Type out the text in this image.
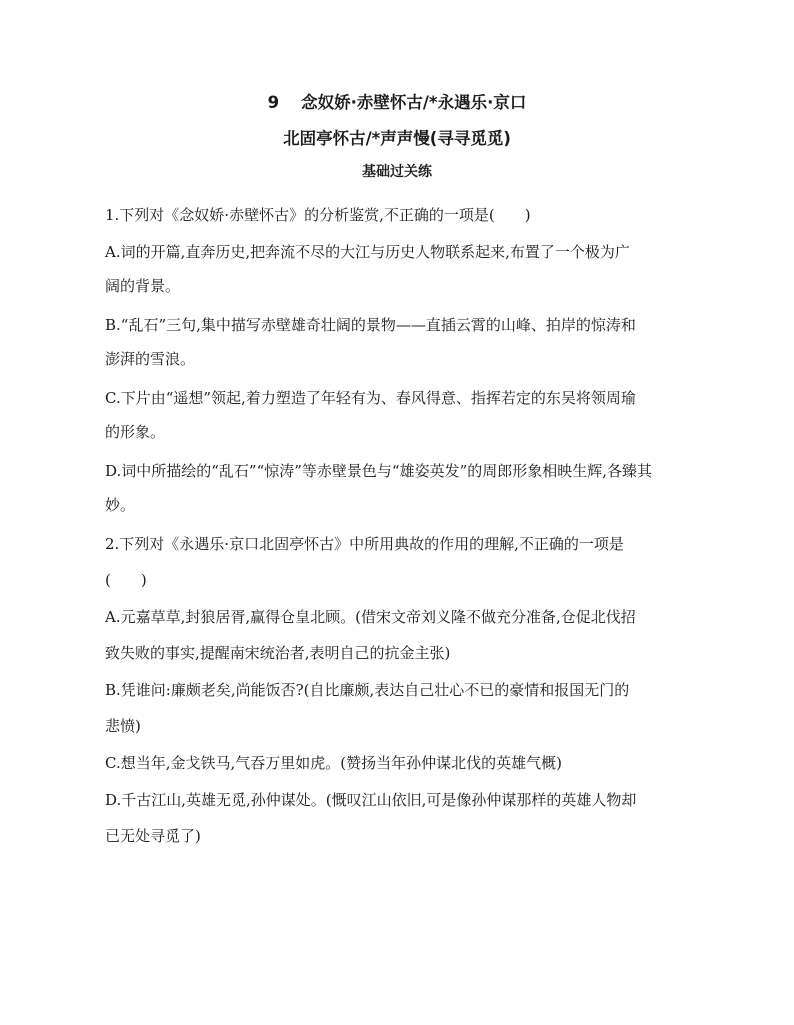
9 念奴娇·赤壁怀古/*永遇乐·京口
北固亭怀古/*声声慢(寻寻觅觅)
基础过关练
1.下列对《念奴娇·赤壁怀古》的分析鉴赏,不正确的一项是(　　)
A.词的开篇,直奔历史,把奔流不尽的大江与历史人物联系起来,布置了一个极为广
阔的背景。
B.“乱石”三句,集中描写赤壁雄奇壮阔的景物——直插云霄的山峰、拍岸的惊涛和
澎湃的雪浪。
C.下片由“遥想”领起,着力塑造了年轻有为、春风得意、指挥若定的东吴将领周瑜
的形象。
D.词中所描绘的“乱石”“惊涛”等赤壁景色与“雄姿英发”的周郎形象相映生辉,各臻其
妙。
2.下列对《永遇乐·京口北固亭怀古》中所用典故的作用的理解,不正确的一项是
(　　)
A.元嘉草草,封狼居胥,赢得仓皇北顾。(借宋文帝刘义隆不做充分准备,仓促北伐招
致失败的事实,提醒南宋统治者,表明自己的抗金主张)
B.凭谁问:廉颇老矣,尚能饭否?(自比廉颇,表达自己壮心不已的豪情和报国无门的
悲愤)
C.想当年,金戈铁马,气吞万里如虎。(赞扬当年孙仲谋北伐的英雄气概)
D.千古江山,英雄无觅,孙仲谋处。(慨叹江山依旧,可是像孙仲谋那样的英雄人物却
已无处寻觅了)
